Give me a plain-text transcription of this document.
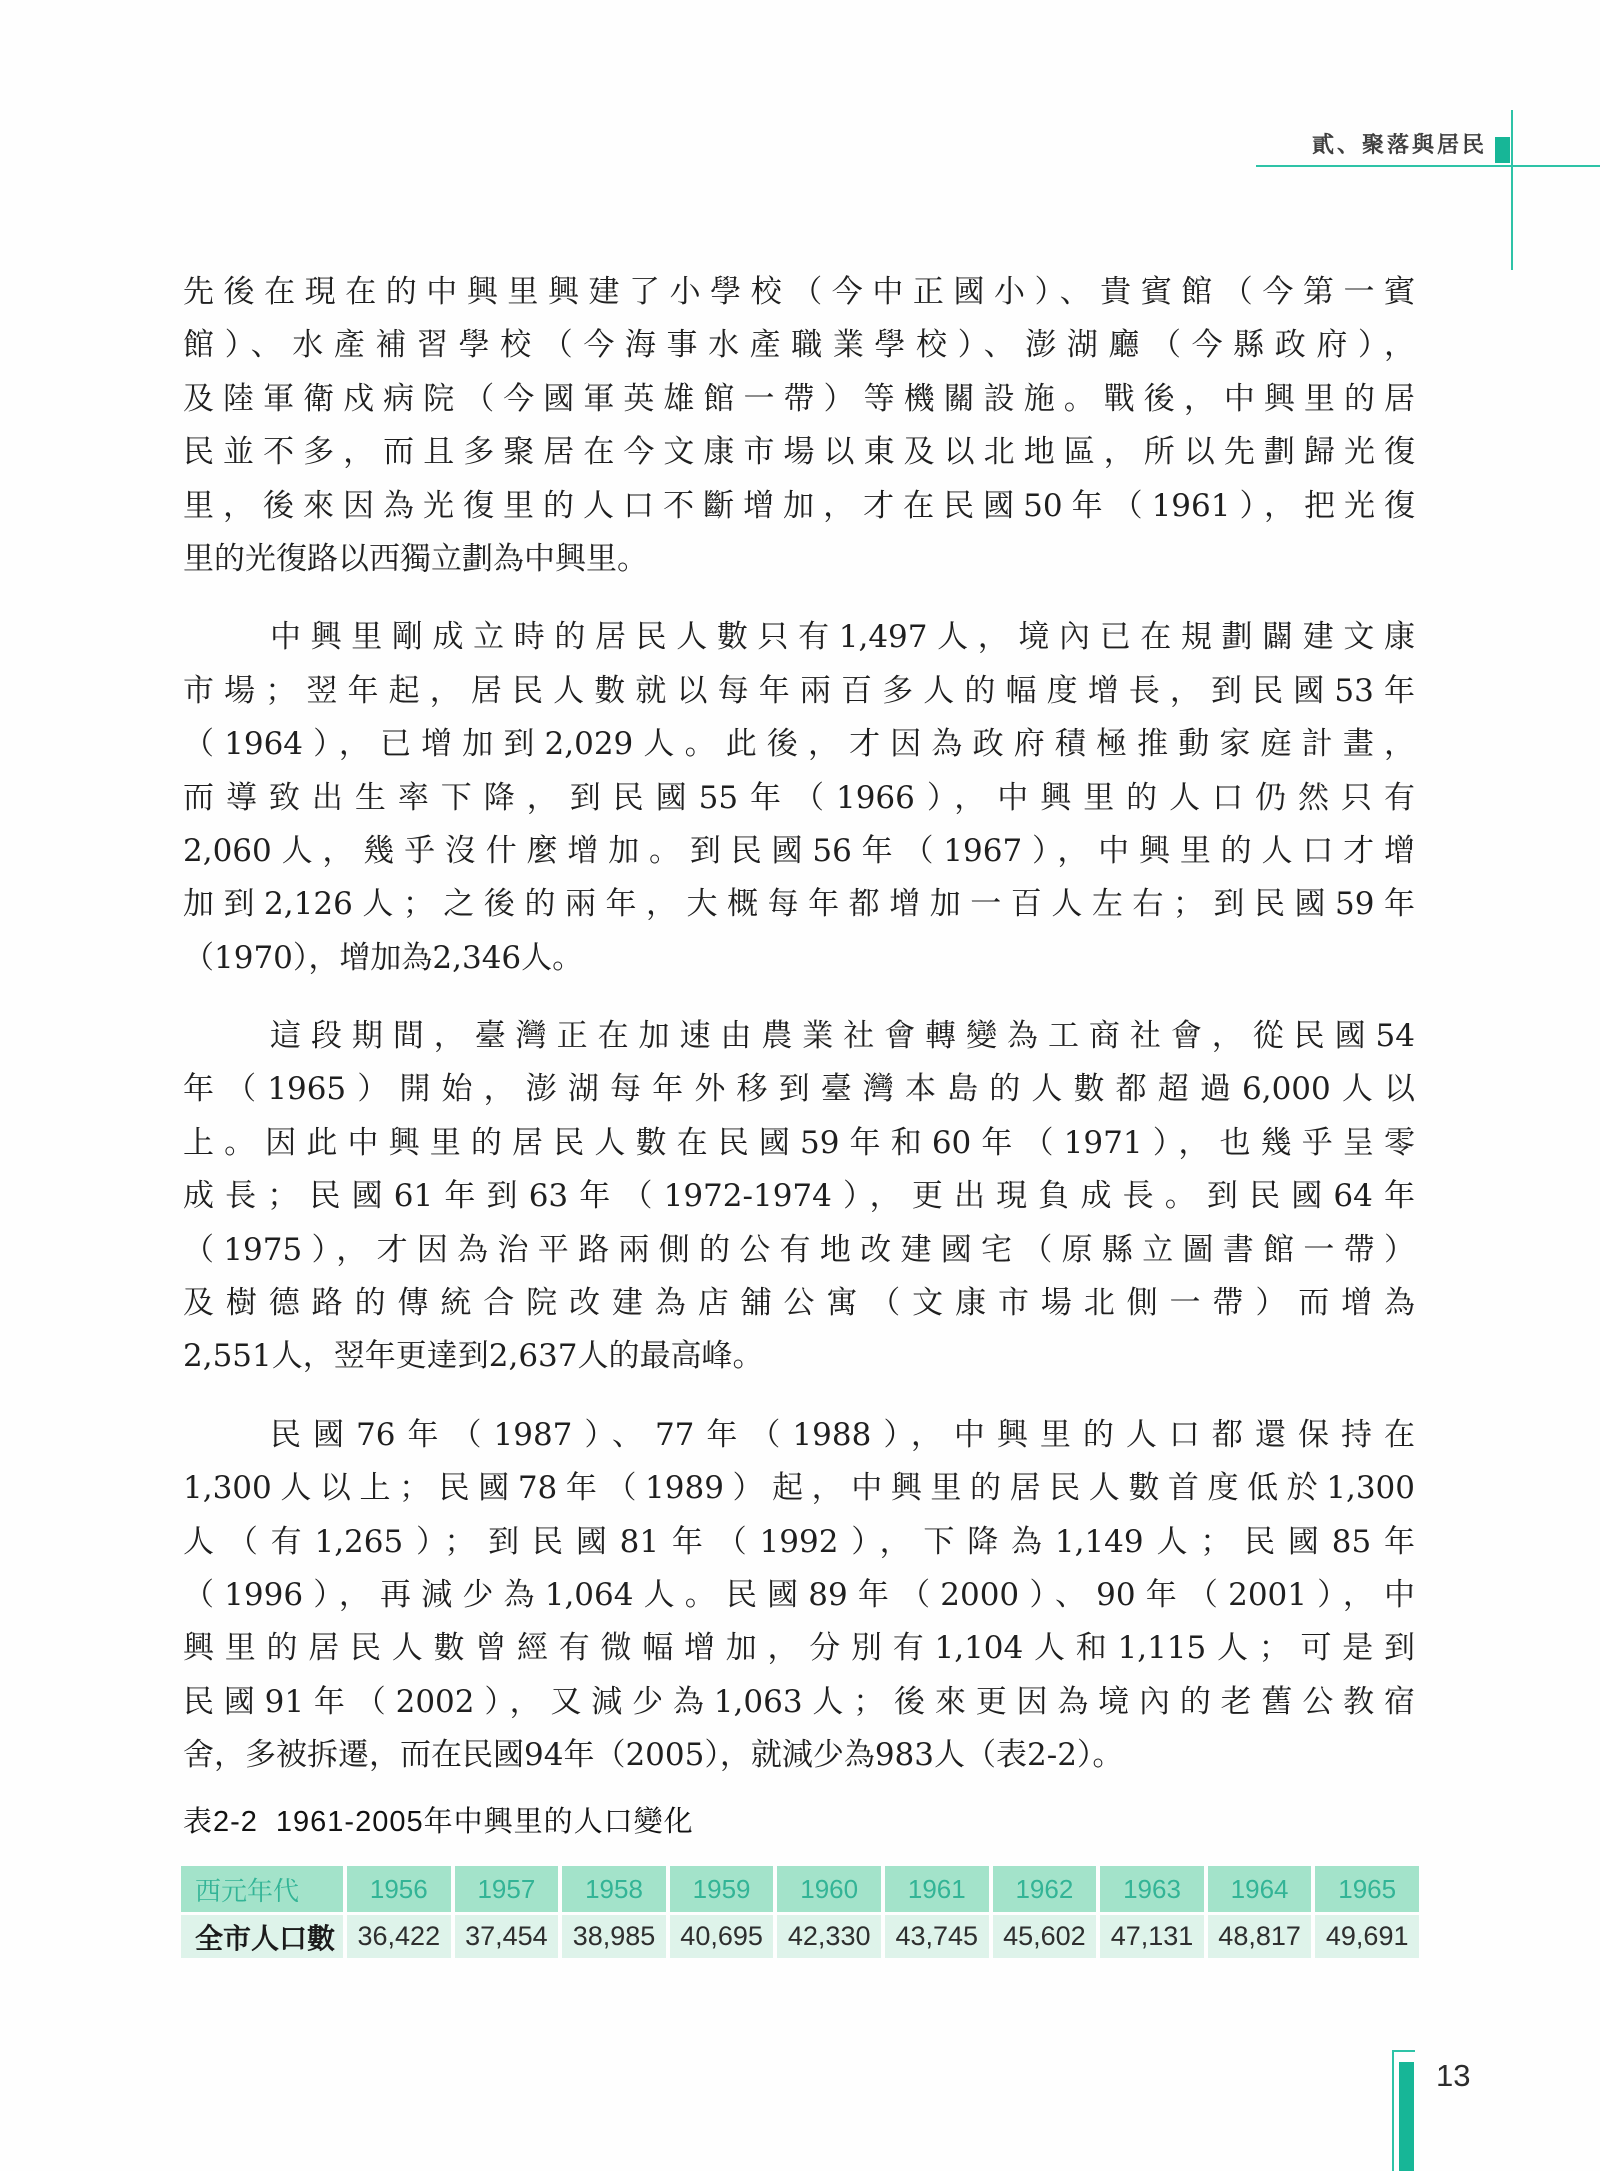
貳、聚落與居民
先後在現在的中興里興建了小學校（今中正國小）、貴賓館（今第一賓
館）、水產補習學校（今海事水產職業學校）、澎湖廳（今縣政府），
及陸軍衛戍病院（今國軍英雄館一帶）等機關設施。戰後，中興里的居
民並不多，而且多聚居在今文康市場以東及以北地區，所以先劃歸光復
里，後來因為光復里的人口不斷增加，才在民國50年（1961），把光復
里的光復路以西獨立劃為中興里。
中興里剛成立時的居民人數只有1,497人，境內已在規劃闢建文康
市場；翌年起，居民人數就以每年兩百多人的幅度增長，到民國53年
（1964），已增加到2,029人。此後，才因為政府積極推動家庭計畫，
而導致出生率下降，到民國55年（1966），中興里的人口仍然只有
2,060人，幾乎沒什麼增加。到民國56年（1967），中興里的人口才增
加到2,126人；之後的兩年，大概每年都增加一百人左右；到民國59年
（1970），增加為2,346人。
這段期間，臺灣正在加速由農業社會轉變為工商社會，從民國54
年（1965）開始，澎湖每年外移到臺灣本島的人數都超過6,000人以
上。因此中興里的居民人數在民國59年和60年（1971），也幾乎呈零
成長；民國61年到63年（1972-1974），更出現負成長。到民國64年
（1975），才因為治平路兩側的公有地改建國宅（原縣立圖書館一帶）
及樹德路的傳統合院改建為店舖公寓（文康市場北側一帶）而增為
2,551人，翌年更達到2,637人的最高峰。
民國76年（1987）、77年（1988），中興里的人口都還保持在
1,300人以上；民國78年（1989）起，中興里的居民人數首度低於1,300
人（有1,265）；到民國81年（1992），下降為1,149人；民國85年
（1996），再減少為1,064人。民國89年（2000）、90年（2001），中
興里的居民人數曾經有微幅增加，分別有1,104人和1,115人；可是到
民國91年（2002），又減少為1,063人；後來更因為境內的老舊公教宿
舍，多被拆遷，而在民國94年（2005），就減少為983人（表2-2）。
表2-2 1961-2005年中興里的人口變化
西元年代	1956	1957	1958	1959	1960	1961	1962	1963	1964	1965
全市人口數 36,422 37,454 38,985 40,695 42,330 43,745 45,602 47,131 48,817 49,691
13
